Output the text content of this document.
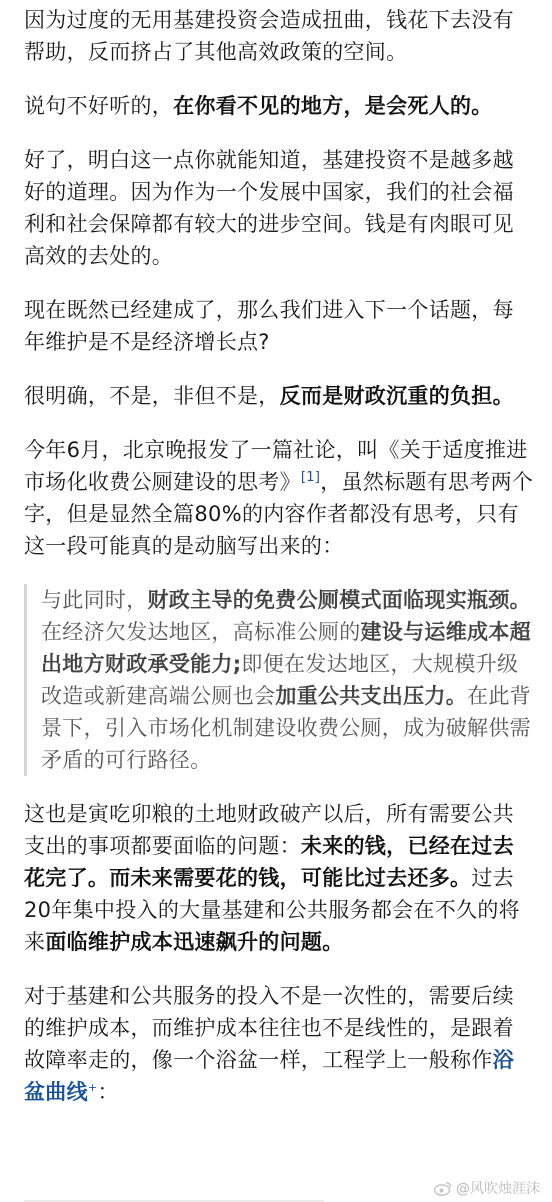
因为过度的无用基建投资会造成扭曲，钱花下去没有帮助，反而挤占了其他高效政策的空间。

说句不好听的，在你看不见的地方，是会死人的。

好了，明白这一点你就能知道，基建投资不是越多越好的道理。因为作为一个发展中国家，我们的社会福利和社会保障都有较大的进步空间。钱是有肉眼可见高效的去处的。

现在既然已经建成了，那么我们进入下一个话题，每年维护是不是经济增长点?

很明确，不是，非但不是，反而是财政沉重的负担。

今年6月，北京晚报发了一篇社论，叫《关于适度推进市场化收费公厕建设的思考》[1]，虽然标题有思考两个字，但是显然全篇80%的内容作者都没有思考，只有这一段可能真的是动脑写出来的：

与此同时，财政主导的免费公厕模式面临现实瓶颈。在经济欠发达地区，高标准公厕的建设与运维成本超出地方财政承受能力;即便在发达地区，大规模升级改造或新建高端公厕也会加重公共支出压力。在此背景下，引入市场化机制建设收费公厕，成为破解供需矛盾的可行路径。

这也是寅吃卯粮的土地财政破产以后，所有需要公共支出的事项都要面临的问题：未来的钱，已经在过去花完了。而未来需要花的钱，可能比过去还多。过去20年集中投入的大量基建和公共服务都会在不久的将来面临维护成本迅速飙升的问题。

对于基建和公共服务的投入不是一次性的，需要后续的维护成本，而维护成本往往也不是线性的，是跟着故障率走的，像一个浴盆一样，工程学上一般称作浴盆曲线+：

@风吹烛涯沫
